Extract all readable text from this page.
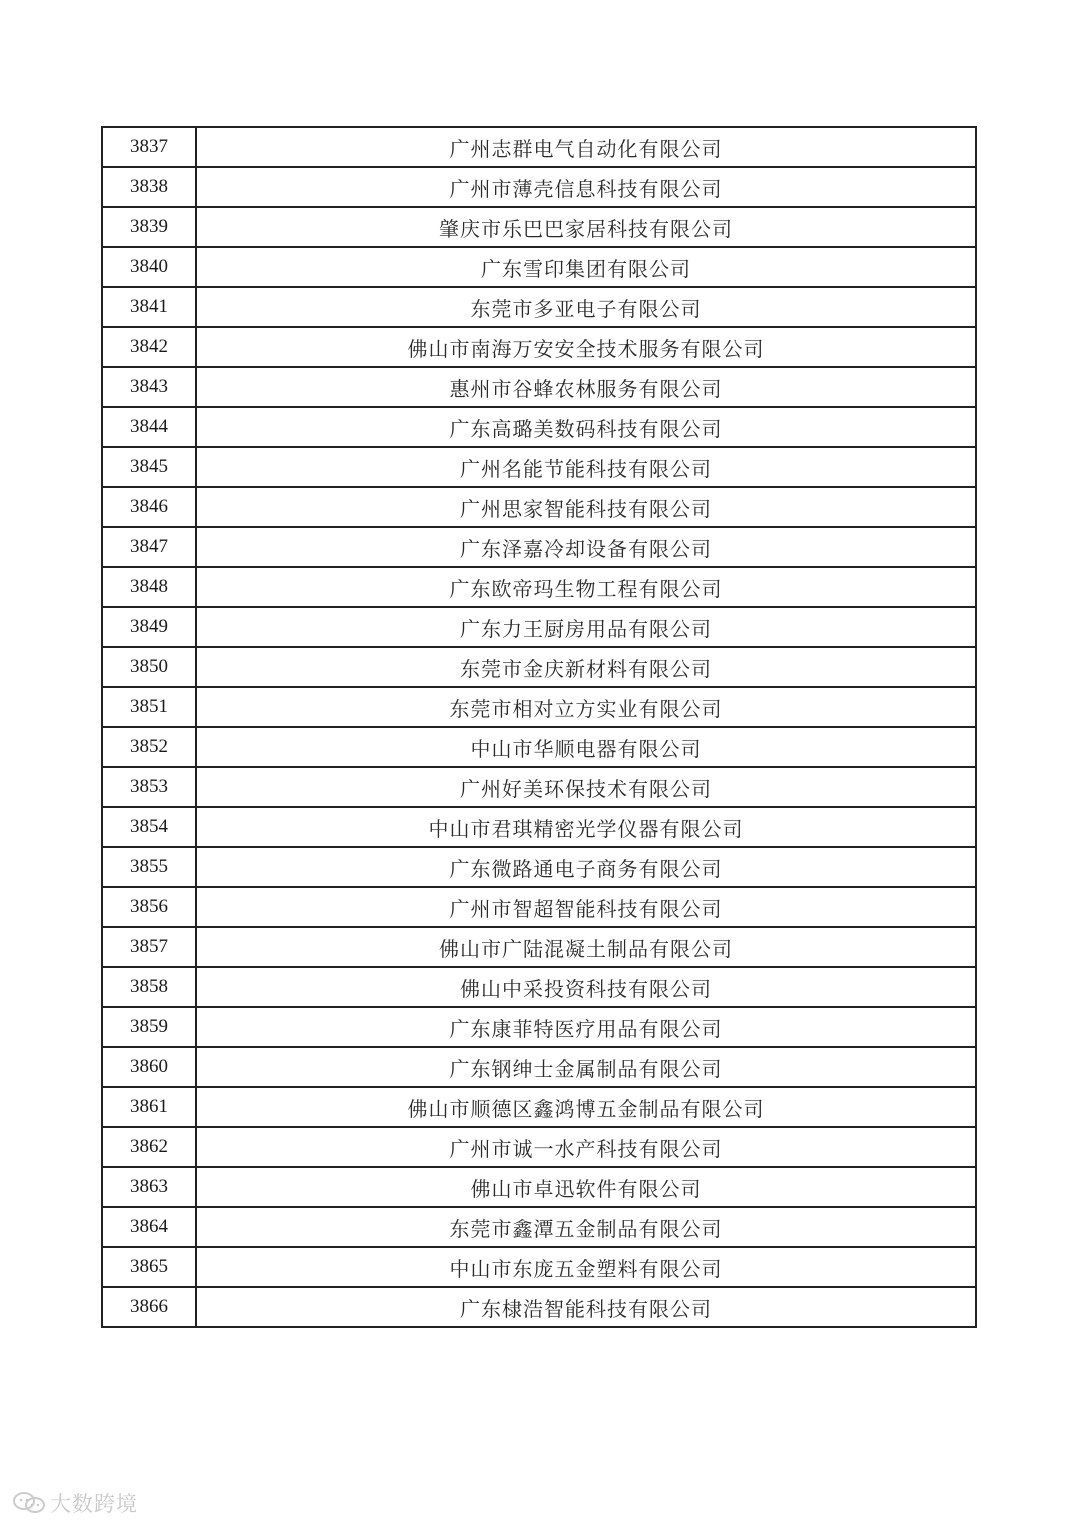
3837	广州志群电气自动化有限公司
3838	广州市薄壳信息科技有限公司
3839	肇庆市乐巴巴家居科技有限公司
3840	广东雪印集团有限公司
3841	东莞市多亚电子有限公司
3842	佛山市南海万安安全技术服务有限公司
3843	惠州市谷蜂农林服务有限公司
3844	广东高璐美数码科技有限公司
3845	广州名能节能科技有限公司
3846	广州思家智能科技有限公司
3847	广东泽嘉冷却设备有限公司
3848	广东欧帝玛生物工程有限公司
3849	广东力王厨房用品有限公司
3850	东莞市金庆新材料有限公司
3851	东莞市相对立方实业有限公司
3852	中山市华顺电器有限公司
3853	广州好美环保技术有限公司
3854	中山市君琪精密光学仪器有限公司
3855	广东微路通电子商务有限公司
3856	广州市智超智能科技有限公司
3857	佛山市广陆混凝土制品有限公司
3858	佛山中采投资科技有限公司
3859	广东康菲特医疗用品有限公司
3860	广东钢绅士金属制品有限公司
3861	佛山市顺德区鑫鸿博五金制品有限公司
3862	广州市诚一水产科技有限公司
3863	佛山市卓迅软件有限公司
3864	东莞市鑫潭五金制品有限公司
3865	中山市东庞五金塑料有限公司
3866	广东棣浩智能科技有限公司
大数跨境
